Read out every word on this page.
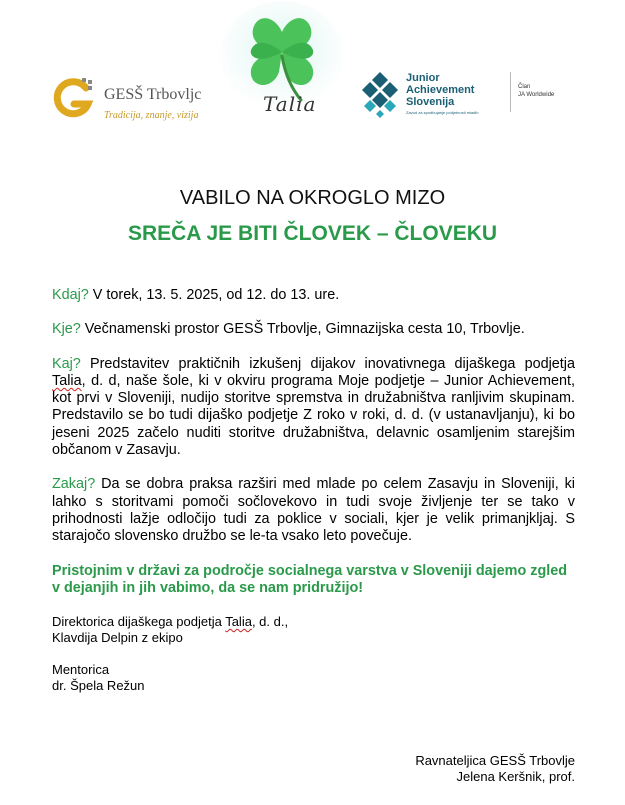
GESŠ Trbovljc
Tradicija, znanje, vizija	Talia
Junior
Achievement
Slovenija
Zavod za spodbujanje podjetnosti mladih
Član
JA Worldwide
VABILO NA OKROGLO MIZO
SREČA JE BITI ČLOVEK – ČLOVEKU

Kdaj? V torek, 13. 5. 2025, od 12. do 13. ure.

Kje? Večnamenski prostor GESŠ Trbovlje, Gimnazijska cesta 10, Trbovlje.

Kaj? Predstavitev praktičnih izkušenj dijakov inovativnega dijaškega podjetja Talia, d. d, naše šole, ki v okviru programa Moje podjetje – Junior Achievement, kot prvi v Sloveniji, nudijo storitve spremstva in družabništva ranljivim skupinam. Predstavilo se bo tudi dijaško podjetje Z roko v roki, d. d. (v ustanavljanju), ki bo jeseni 2025 začelo nuditi storitve družabništva, delavnic osamljenim starejšim občanom v Zasavju.

Zakaj? Da se dobra praksa razširi med mlade po celem Zasavju in Sloveniji, ki lahko s storitvami pomoči sočlovekovo in tudi svoje življenje ter se tako v prihodnosti lažje odločijo tudi za poklice v sociali, kjer je velik primanjkljaj. S starajočo slovensko družbo se le-ta vsako leto povečuje.

Pristojnim v državi za področje socialnega varstva v Sloveniji dajemo zgled v dejanjih in jih vabimo, da se nam pridružijo!

Direktorica dijaškega podjetja Talia, d. d.,
Klavdija Delpin z ekipo

Mentorica
dr. Špela Režun

Ravnateljica GESŠ Trbovlje
Jelena Keršnik, prof.
